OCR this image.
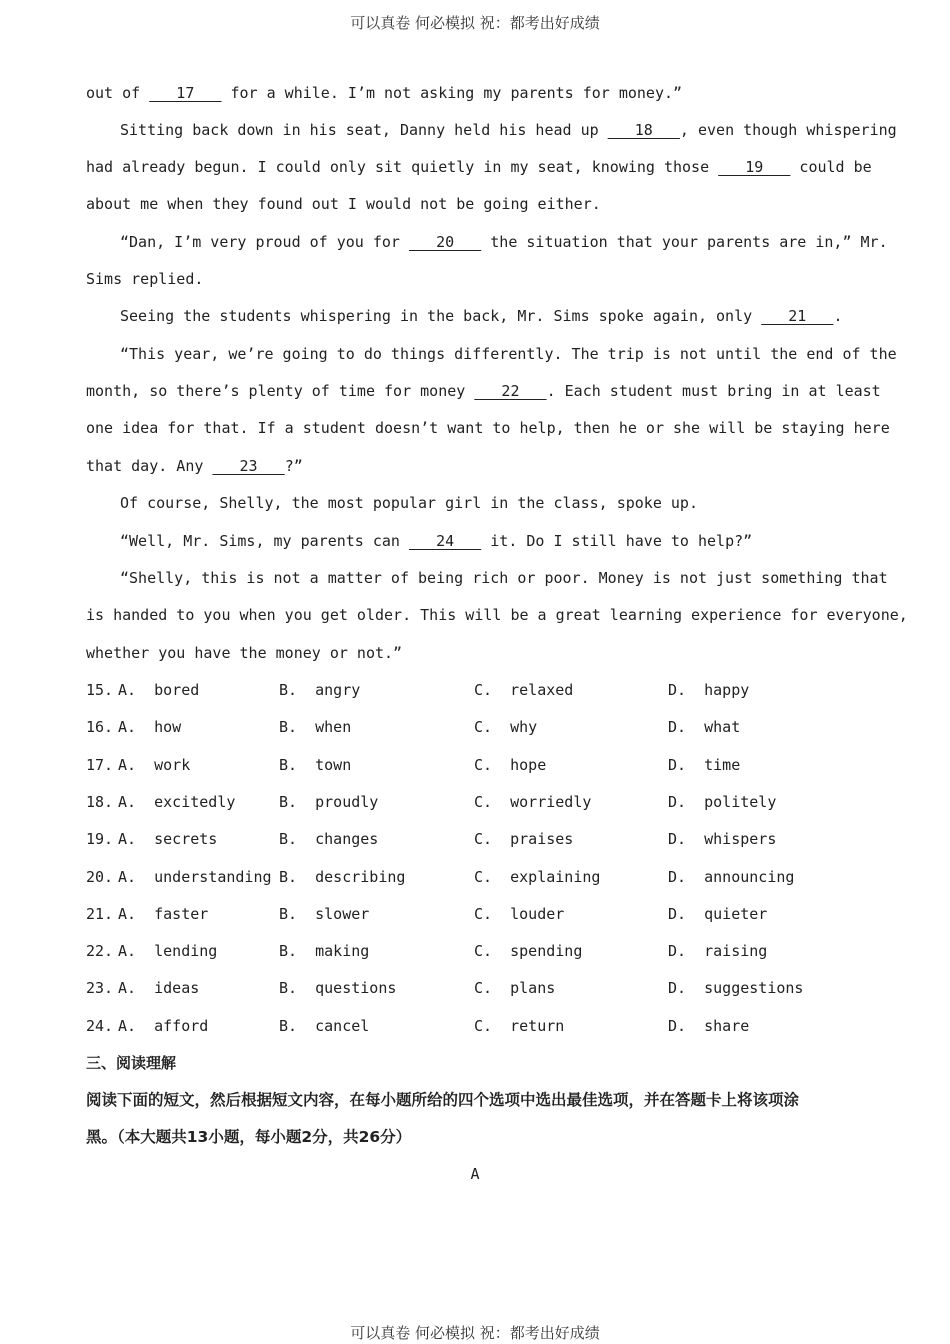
可以真卷 何必模拟 祝：都考出好成绩
out of    17    for a while. I’m not asking my parents for money.”
Sitting back down in his seat, Danny held his head up    18   , even though whispering
had already begun. I could only sit quietly in my seat, knowing those    19    could be
about me when they found out I would not be going either.
“Dan, I’m very proud of you for    20    the situation that your parents are in,” Mr.
Sims replied.
Seeing the students whispering in the back, Mr. Sims spoke again, only    21   .
“This year, we’re going to do things differently. The trip is not until the end of the
month, so there’s plenty of time for money    22   . Each student must bring in at least
one idea for that. If a student doesn’t want to help, then he or she will be staying here
that day. Any    23   ?”
Of course, Shelly, the most popular girl in the class, spoke up.
“Well, Mr. Sims, my parents can    24    it. Do I still have to help?”
“Shelly, this is not a matter of being rich or poor. Money is not just something that
is handed to you when you get older. This will be a great learning experience for everyone,
whether you have the money or not.”
15. A.  bored	B.  angry	C.  relaxed	D.  happy
16. A.  how	B.  when	C.  why	D.  what
17. A.  work	B.  town	C.  hope	D.  time
18. A.  excitedly	B.  proudly	C.  worriedly	D.  politely
19. A.  secrets	B.  changes	C.  praises	D.  whispers
20. A.  understanding B.  describing	C.  explaining	D.  announcing
21. A.  faster	B.  slower	C.  louder	D.  quieter
22. A.  lending	B.  making	C.  spending	D.  raising
23. A.  ideas	B.  questions	C.  plans	D.  suggestions
24. A.  afford	B.  cancel	C.  return	D.  share
三、阅读理解
阅读下面的短文，然后根据短文内容，在每小题所给的四个选项中选出最佳选项，并在答题卡上将该项涂
黑。（本大题共13小题，每小题2分，共26分）
A
可以真卷 何必模拟 祝：都考出好成绩
